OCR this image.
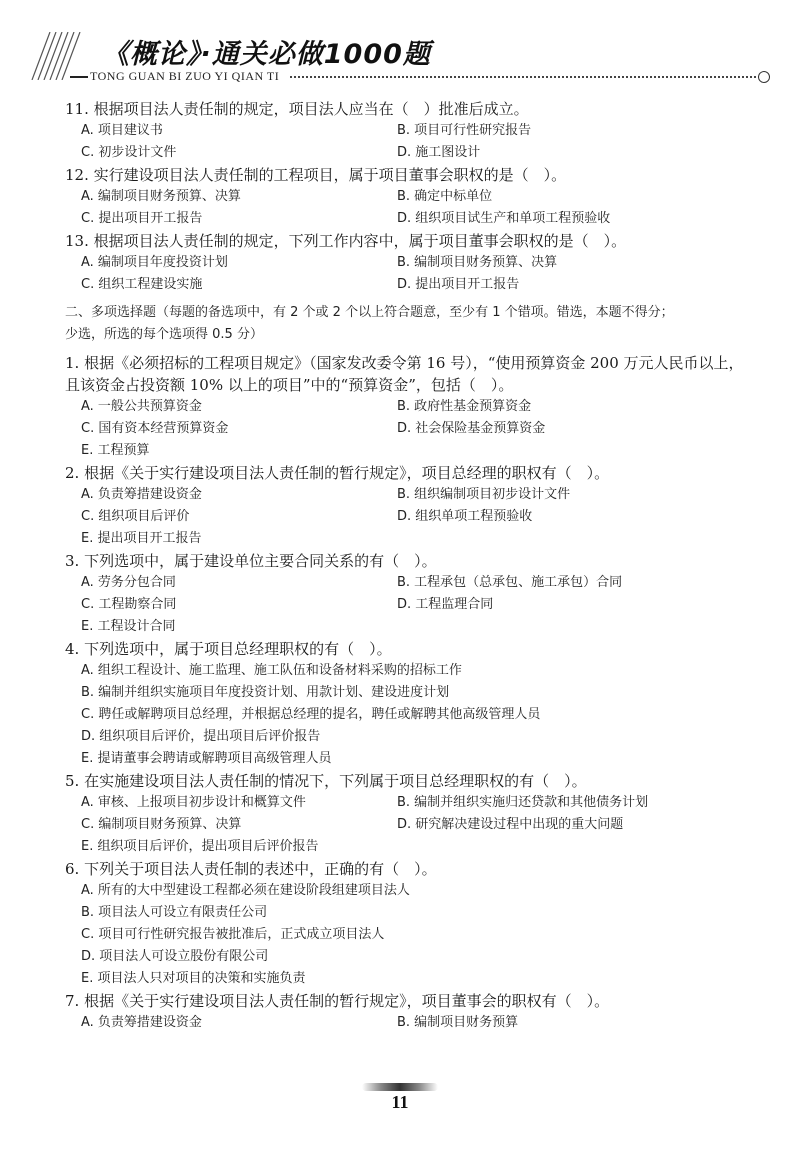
《概论》·通关必做1000题
TONG GUAN BI ZUO YI QIAN TI

11. 根据项目法人责任制的规定，项目法人应当在（　）批准后成立。

A. 项目建议书	B. 项目可行性研究报告
C. 初步设计文件	D. 施工图设计

12. 实行建设项目法人责任制的工程项目，属于项目董事会职权的是（　）。

A. 编制项目财务预算、决算	B. 确定中标单位
C. 提出项目开工报告	D. 组织项目试生产和单项工程预验收

13. 根据项目法人责任制的规定，下列工作内容中，属于项目董事会职权的是（　）。

A. 编制项目年度投资计划	B. 编制项目财务预算、决算
C. 组织工程建设实施	D. 提出项目开工报告
二、多项选择题（每题的备选项中，有 2 个或 2 个以上符合题意，至少有 1 个错项。错选，本题不得分；
少选，所选的每个选项得 0.5 分）

1. 根据《必须招标的工程项目规定》（国家发改委令第 16 号），“使用预算资金 200 万元人民币以上，

且该资金占投资额 10% 以上的项目”中的“预算资金”，包括（　）。

A. 一般公共预算资金	B. 政府性基金预算资金
C. 国有资本经营预算资金	D. 社会保险基金预算资金
E. 工程预算

2. 根据《关于实行建设项目法人责任制的暂行规定》，项目总经理的职权有（　）。

A. 负责筹措建设资金	B. 组织编制项目初步设计文件
C. 组织项目后评价	D. 组织单项工程预验收
E. 提出项目开工报告

3. 下列选项中，属于建设单位主要合同关系的有（　）。

A. 劳务分包合同	B. 工程承包（总承包、施工承包）合同
C. 工程勘察合同	D. 工程监理合同
E. 工程设计合同

4. 下列选项中，属于项目总经理职权的有（　）。

A. 组织工程设计、施工监理、施工队伍和设备材料采购的招标工作
B. 编制并组织实施项目年度投资计划、用款计划、建设进度计划
C. 聘任或解聘项目总经理，并根据总经理的提名，聘任或解聘其他高级管理人员
D. 组织项目后评价，提出项目后评价报告
E. 提请董事会聘请或解聘项目高级管理人员

5. 在实施建设项目法人责任制的情况下，下列属于项目总经理职权的有（　）。

A. 审核、上报项目初步设计和概算文件	B. 编制并组织实施归还贷款和其他债务计划
C. 编制项目财务预算、决算	D. 研究解决建设过程中出现的重大问题
E. 组织项目后评价，提出项目后评价报告

6. 下列关于项目法人责任制的表述中，正确的有（　）。

A. 所有的大中型建设工程都必须在建设阶段组建项目法人
B. 项目法人可设立有限责任公司
C. 项目可行性研究报告被批准后，正式成立项目法人
D. 项目法人可设立股份有限公司
E. 项目法人只对项目的决策和实施负责

7. 根据《关于实行建设项目法人责任制的暂行规定》，项目董事会的职权有（　）。

A. 负责筹措建设资金	B. 编制项目财务预算
11
